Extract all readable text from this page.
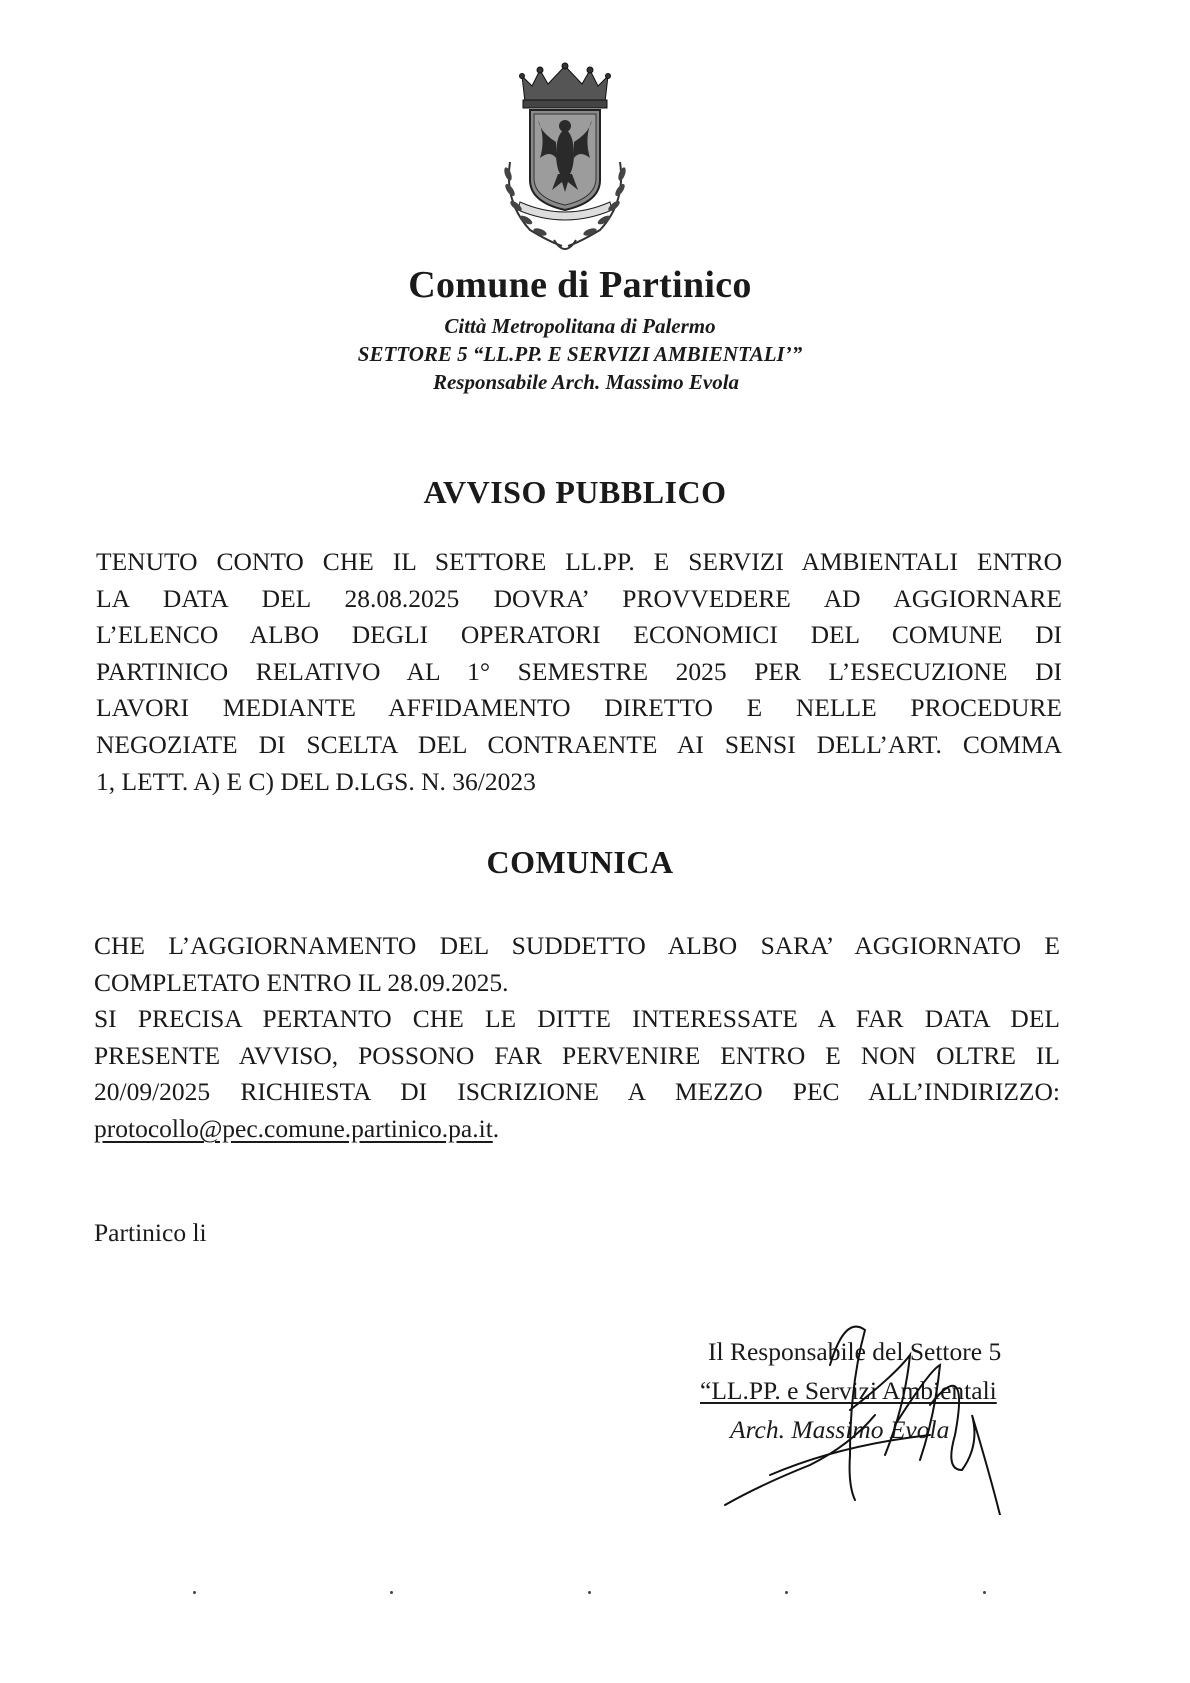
Comune di Partinico

Città Metropolitana di Palermo

SETTORE 5 “LL.PP. E SERVIZI AMBIENTALI’”

Responsabile Arch. Massimo Evola

AVVISO PUBBLICO

TENUTO CONTO CHE IL SETTORE LL.PP. E SERVIZI AMBIENTALI ENTRO
LA DATA DEL 28.08.2025 DOVRA’ PROVVEDERE AD AGGIORNARE
L’ELENCO ALBO DEGLI OPERATORI ECONOMICI DEL COMUNE DI
PARTINICO RELATIVO AL 1° SEMESTRE 2025 PER L’ESECUZIONE DI
LAVORI MEDIANTE AFFIDAMENTO DIRETTO E NELLE PROCEDURE
NEGOZIATE DI SCELTA DEL CONTRAENTE AI SENSI DELL’ART. COMMA
1, LETT. A) E C) DEL D.LGS. N. 36/2023

COMUNICA

CHE L’AGGIORNAMENTO DEL SUDDETTO ALBO SARA’ AGGIORNATO E
COMPLETATO ENTRO IL 28.09.2025.
SI PRECISA PERTANTO CHE LE DITTE INTERESSATE A FAR DATA DEL
PRESENTE AVVISO, POSSONO FAR PERVENIRE ENTRO E NON OLTRE IL
20/09/2025 RICHIESTA DI ISCRIZIONE A MEZZO PEC ALL’INDIRIZZO:
protocollo@pec.comune.partinico.pa.it.

Partinico li

Il Responsabile del Settore 5
“LL.PP. e Servizi Ambientali
Arch. Massimo Evola
